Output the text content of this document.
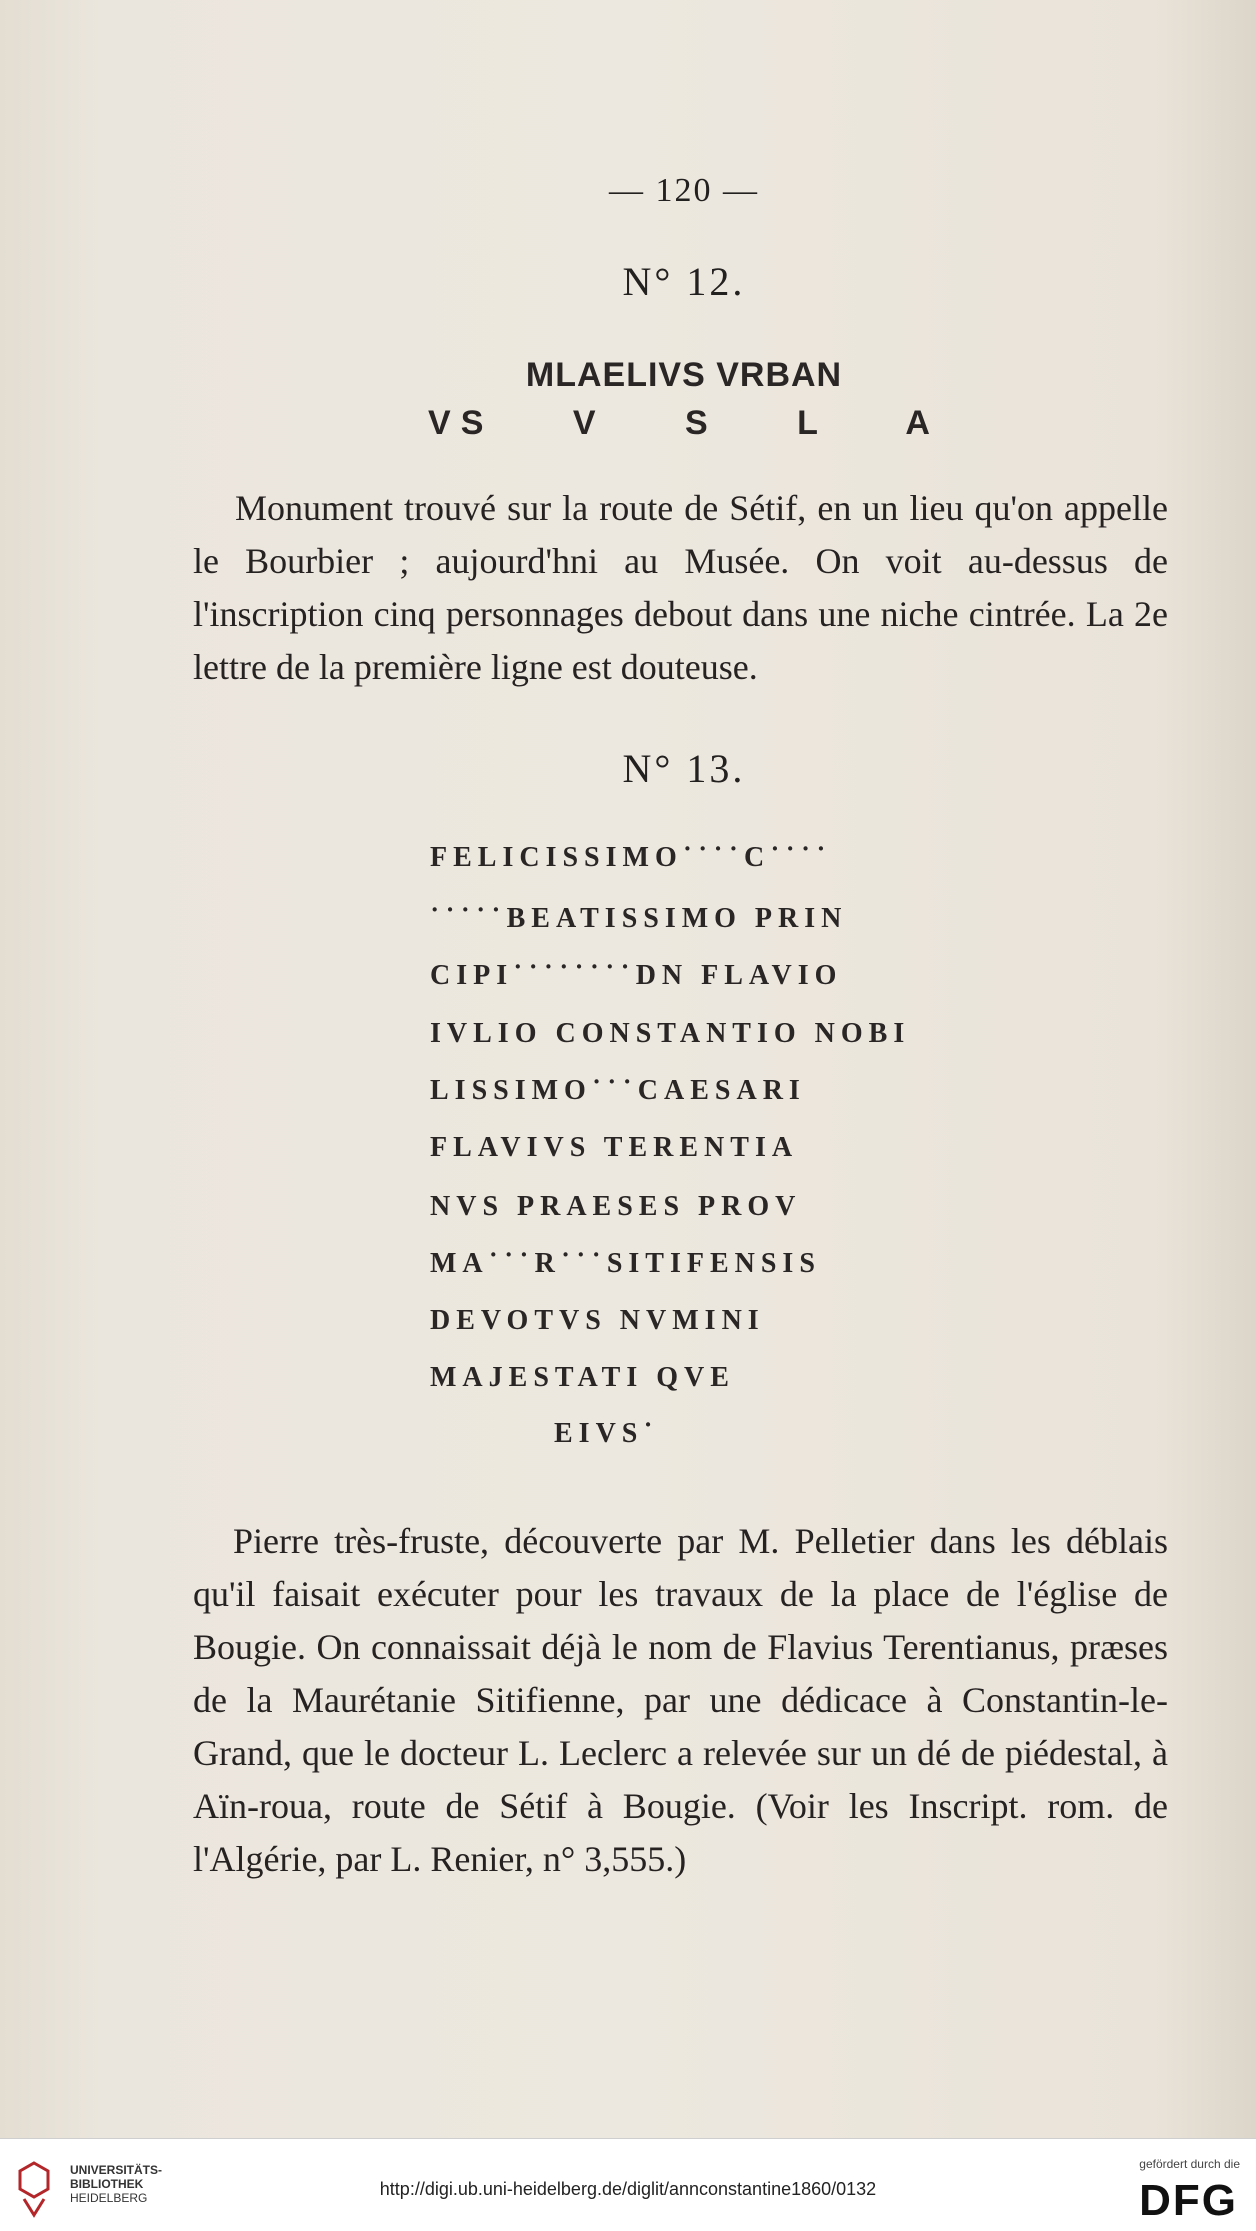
— 120 —
N° 12.
MLAELIVS VRBAN
VS V S L A
Monument trouvé sur la route de Sétif, en un lieu qu'on appelle le Bourbier ; aujourd'hni au Musée. On voit au-dessus de l'inscription cinq personnages debout dans une niche cintrée. La 2e lettre de la première ligne est douteuse.
N° 13.
FELICISSIMO˙˙˙˙C˙˙˙˙
˙˙˙˙˙BEATISSIMO PRIN
CIPI˙˙˙˙˙˙˙˙DN FLAVIO
IVLIO CONSTANTIO NOBI
LISSIMO˙˙˙CAESARI
FLAVIVS TERENTIA
NVS PRAESES PROV
MA˙˙˙R˙˙˙SITIFENSIS
DEVOTVS NVMINI
MAJESTATI QVE
EIVS˙
Pierre très-fruste, découverte par M. Pelletier dans les déblais qu'il faisait exécuter pour les travaux de la place de l'église de Bougie. On connaissait déjà le nom de Flavius Terentianus, præses de la Maurétanie Sitifienne, par une dédicace à Constantin-le-Grand, que le docteur L. Leclerc a relevée sur un dé de piédestal, à Aïn-roua, route de Sétif à Bougie. (Voir les Inscript. rom. de l'Algérie, par L. Renier, n° 3,555.)
UNIVERSITÄTS-
BIBLIOTHEK
HEIDELBERG	http://digi.ub.uni-heidelberg.de/diglit/annconstantine1860/0132
gefördert durch die
DFG
